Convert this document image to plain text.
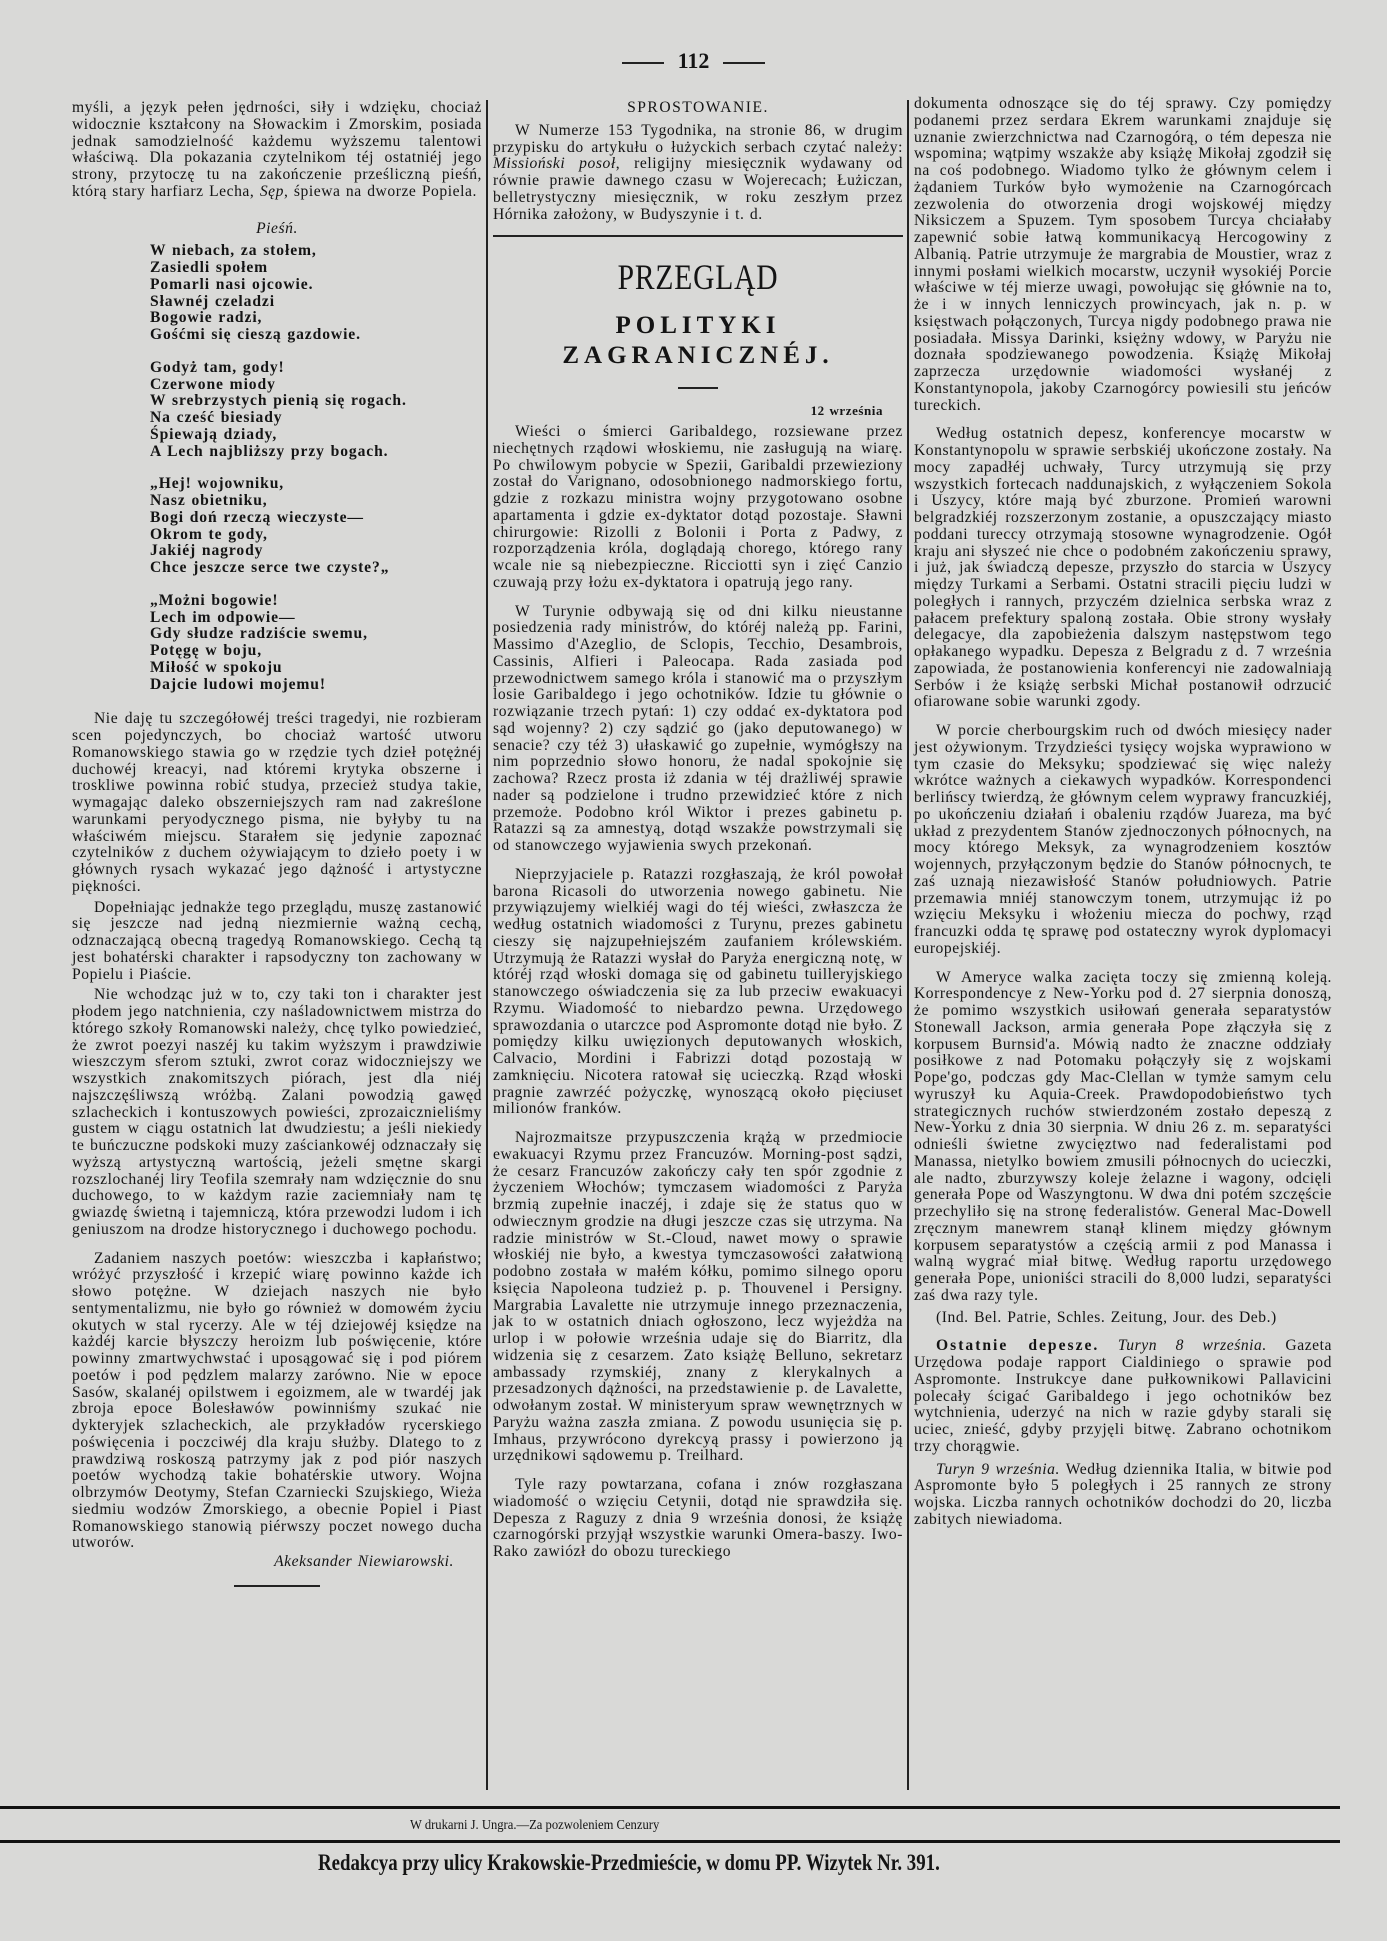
112

myśli, a język pełen jędrności, siły i wdzięku, chociaż widocznie kształcony na Słowackim i Zmorskim, posiada jednak samodzielność każdemu wyższemu talentowi właściwą. Dla pokazania czytelnikom téj ostatniéj jego strony, przytoczę tu na zakończenie prześliczną pieśń, którą stary harfiarz Lecha, Sęp, śpiewa na dworze Popiela.

Pieśń.
W niebach, za stołem,
Zasiedli społem
Pomarli nasi ojcowie.
Sławnéj czeladzi
Bogowie radzi,
Gośćmi się cieszą gazdowie.
Godyż tam, gody!
Czerwone miody
W srebrzystych pienią się rogach.
Na cześć biesiady
Śpiewają dziady,
A Lech najbliższy przy bogach.
„Hej! wojowniku,
Nasz obietniku,
Bogi doń rzeczą wieczyste—
Okrom te gody,
Jakiéj nagrody
Chce jeszcze serce twe czyste?„
„Możni bogowie!
Lech im odpowie—
Gdy słudze radziście swemu,
Potęgę w boju,
Miłość w spokoju
Dajcie ludowi mojemu!

Nie daję tu szczegółowéj treści tragedyi, nie rozbieram scen pojedynczych, bo chociaż wartość utworu Romanowskiego stawia go w rzędzie tych dzieł potężnéj duchowéj kreacyi, nad któremi krytyka obszerne i troskliwe powinna robić studya, przecież studya takie, wymagając daleko obszerniejszych ram nad zakreślone warunkami peryodycznego pisma, nie byłyby tu na właściwém miejscu. Starałem się jedynie zapoznać czytelników z duchem ożywiającym to dzieło poety i w głównych rysach wykazać jego dążność i artystyczne piękności.

Dopełniając jednakże tego przeglądu, muszę zastanowić się jeszcze nad jedną niezmiernie ważną cechą, odznaczającą obecną tragedyą Romanowskiego. Cechą tą jest bohatérski charakter i rapsodyczny ton zachowany w Popielu i Piaście.

Nie wchodząc już w to, czy taki ton i charakter jest płodem jego natchnienia, czy naśladownictwem mistrza do którego szkoły Romanowski należy, chcę tylko powiedzieć, że zwrot poezyi naszéj ku takim wyższym i prawdziwie wieszczym sferom sztuki, zwrot coraz widoczniejszy we wszystkich znakomitszych piórach, jest dla niéj najszczęśliwszą wróżbą. Zalani powodzią gawęd szlacheckich i kontuszowych powieści, zprozaicznieliśmy gustem w ciągu ostatnich lat dwudziestu; a jeśli niekiedy te buńczuczne podskoki muzy zaściankowéj odznaczały się wyższą artystyczną wartością, jeżeli smętne skargi rozszlochanéj liry Teofila szemrały nam wdzięcznie do snu duchowego, to w każdym razie zaciemniały nam tę gwiazdę świetną i tajemniczą, która przewodzi ludom i ich geniuszom na drodze historycznego i duchowego pochodu.

Zadaniem naszych poetów: wieszczba i kapłaństwo; wróżyć przyszłość i krzepić wiarę powinno każde ich słowo potężne. W dziejach naszych nie było sentymentalizmu, nie było go również w domowém życiu okutych w stal rycerzy. Ale w téj dziejowéj księdze na każdéj karcie błyszczy heroizm lub poświęcenie, które powinny zmartwychwstać i uposągować się i pod piórem poetów i pod pędzlem malarzy zarówno. Nie w epoce Sasów, skalanéj opilstwem i egoizmem, ale w twardéj jak zbroja epoce Bolesławów powinniśmy szukać nie dykteryjek szlacheckich, ale przykładów rycerskiego poświęcenia i poczciwéj dla kraju służby. Dlatego to z prawdziwą roskoszą patrzymy jak z pod piór naszych poetów wychodzą takie bohatérskie utwory. Wojna olbrzymów Deotymy, Stefan Czarniecki Szujskiego, Wieża siedmiu wodzów Zmorskiego, a obecnie Popiel i Piast Romanowskiego stanowią piérwszy poczet nowego ducha utworów.

Akeksander Niewiarowski.
SPROSTOWANIE.

W Numerze 153 Tygodnika, na stronie 86, w drugim przypisku do artykułu o łużyckich serbach czytać należy: Missioński posoł, religijny miesięcznik wydawany od równie prawie dawnego czasu w Wojerecach; Łużiczan, belletrystyczny miesięcznik, w roku zeszłym przez Hórnika założony, w Budyszynie i t. d.

PRZEGLĄD
POLITYKI ZAGRANICZNÉJ.
12 września

Wieści o śmierci Garibaldego, rozsiewane przez niechętnych rządowi włoskiemu, nie zasługują na wiarę. Po chwilowym pobycie w Spezii, Garibaldi przewieziony został do Varignano, odosobnionego nadmorskiego fortu, gdzie z rozkazu ministra wojny przygotowano osobne apartamenta i gdzie ex-dyktator dotąd pozostaje. Sławni chirurgowie: Rizolli z Bolonii i Porta z Padwy, z rozporządzenia króla, doglądają chorego, którego rany wcale nie są niebezpieczne. Ricciotti syn i zięć Canzio czuwają przy łożu ex-dyktatora i opatrują jego rany.

W Turynie odbywają się od dni kilku nieustanne posiedzenia rady ministrów, do któréj należą pp. Farini, Massimo d'Azeglio, de Sclopis, Tecchio, Desambrois, Cassinis, Alfieri i Paleocapa. Rada zasiada pod przewodnictwem samego króla i stanowić ma o przyszłym losie Garibaldego i jego ochotników. Idzie tu głównie o rozwiązanie trzech pytań: 1) czy oddać ex-dyktatora pod sąd wojenny? 2) czy sądzić go (jako deputowanego) w senacie? czy téż 3) ułaskawić go zupełnie, wymógłszy na nim poprzednio słowo honoru, że nadal spokojnie się zachowa? Rzecz prosta iż zdania w téj drażliwéj sprawie nader są podzielone i trudno przewidzieć które z nich przemoże. Podobno król Wiktor i prezes gabinetu p. Ratazzi są za amnestyą, dotąd wszakże powstrzymali się od stanowczego wyjawienia swych przekonań.

Nieprzyjaciele p. Ratazzi rozgłaszają, że król powołał barona Ricasoli do utworzenia nowego gabinetu. Nie przywiązujemy wielkiéj wagi do téj wieści, zwłaszcza że według ostatnich wiadomości z Turynu, prezes gabinetu cieszy się najzupełniejszém zaufaniem królewskiém. Utrzymują że Ratazzi wysłał do Paryża energiczną notę, w któréj rząd włoski domaga się od gabinetu tuilleryjskiego stanowczego oświadczenia się za lub przeciw ewakuacyi Rzymu. Wiadomość to niebardzo pewna. Urzędowego sprawozdania o utarczce pod Aspromonte dotąd nie było. Z pomiędzy kilku uwięzionych deputowanych włoskich, Calvacio, Mordini i Fabrizzi dotąd pozostają w zamknięciu. Nicotera ratował się ucieczką. Rząd włoski pragnie zawrzéć pożyczkę, wynoszącą około pięciuset milionów franków.

Najrozmaitsze przypuszczenia krążą w przedmiocie ewakuacyi Rzymu przez Francuzów. Morning-post sądzi, że cesarz Francuzów zakończy cały ten spór zgodnie z życzeniem Włochów; tymczasem wiadomości z Paryża brzmią zupełnie inaczéj, i zdaje się że status quo w odwiecznym grodzie na długi jeszcze czas się utrzyma. Na radzie ministrów w St.-Cloud, nawet mowy o sprawie włoskiéj nie było, a kwestya tymczasowości załatwioną podobno została w małém kółku, pomimo silnego oporu księcia Napoleona tudzież p. p. Thouvenel i Persigny. Margrabia Lavalette nie utrzymuje innego przeznaczenia, jak to w ostatnich dniach ogłoszono, lecz wyjeżdża na urlop i w połowie września udaje się do Biarritz, dla widzenia się z cesarzem. Zato książę Belluno, sekretarz ambassady rzymskiéj, znany z klerykalnych a przesadzonych dążności, na przedstawienie p. de Lavalette, odwołanym został. W ministeryum spraw wewnętrznych w Paryżu ważna zaszła zmiana. Z powodu usunięcia się p. Imhaus, przywrócono dyrekcyą prassy i powierzono ją urzędnikowi sądowemu p. Treilhard.

Tyle razy powtarzana, cofana i znów rozgłaszana wiadomość o wzięciu Cetynii, dotąd nie sprawdziła się. Depesza z Raguzy z dnia 9 września donosi, że książę czarnogórski przyjął wszystkie warunki Omera-baszy. Iwo-Rako zawiózł do obozu tureckiego

dokumenta odnoszące się do téj sprawy. Czy pomiędzy podanemi przez serdara Ekrem warunkami znajduje się uznanie zwierzchnictwa nad Czarnogórą, o tém depesza nie wspomina; wątpimy wszakże aby książę Mikołaj zgodził się na coś podobnego. Wiadomo tylko że głównym celem i żądaniem Turków było wymożenie na Czarnogórcach zezwolenia do otworzenia drogi wojskowéj między Niksiczem a Spuzem. Tym sposobem Turcya chciałaby zapewnić sobie łatwą kommunikacyą Hercogowiny z Albanią. Patrie utrzymuje że margrabia de Moustier, wraz z innymi posłami wielkich mocarstw, uczynił wysokiéj Porcie właściwe w téj mierze uwagi, powołując się głównie na to, że i w innych lenniczych prowincyach, jak n. p. w księstwach połączonych, Turcya nigdy podobnego prawa nie posiadała. Missya Darinki, księżny wdowy, w Paryżu nie doznała spodziewanego powodzenia. Książę Mikołaj zaprzecza urzędownie wiadomości wysłanéj z Konstantynopola, jakoby Czarnogórcy powiesili stu jeńców tureckich.

Według ostatnich depesz, konferencye mocarstw w Konstantynopolu w sprawie serbskiéj ukończone zostały. Na mocy zapadłéj uchwały, Turcy utrzymują się przy wszystkich fortecach naddunajskich, z wyłączeniem Sokola i Uszycy, które mają być zburzone. Promień warowni belgradzkiéj rozszerzonym zostanie, a opuszczający miasto poddani tureccy otrzymają stosowne wynagrodzenie. Ogół kraju ani słyszeć nie chce o podobném zakończeniu sprawy, i już, jak świadczą depesze, przyszło do starcia w Uszycy między Turkami a Serbami. Ostatni stracili pięciu ludzi w poległych i rannych, przyczém dzielnica serbska wraz z pałacem prefektury spaloną została. Obie strony wysłały delegacye, dla zapobieżenia dalszym następstwom tego opłakanego wypadku. Depesza z Belgradu z d. 7 września zapowiada, że postanowienia konferencyi nie zadowalniają Serbów i że książę serbski Michał postanowił odrzucić ofiarowane sobie warunki zgody.

W porcie cherbourgskim ruch od dwóch miesięcy nader jest ożywionym. Trzydzieści tysięcy wojska wyprawiono w tym czasie do Meksyku; spodziewać się więc należy wkrótce ważnych a ciekawych wypadków. Korrespondenci berlińscy twierdzą, że głównym celem wyprawy francuzkiéj, po ukończeniu działań i obaleniu rządów Juareza, ma być układ z prezydentem Stanów zjednoczonych północnych, na mocy którego Meksyk, za wynagrodzeniem kosztów wojennych, przyłączonym będzie do Stanów północnych, te zaś uznają niezawisłość Stanów południowych. Patrie przemawia mniéj stanowczym tonem, utrzymując iż po wzięciu Meksyku i włożeniu miecza do pochwy, rząd francuzki odda tę sprawę pod ostateczny wyrok dyplomacyi europejskiéj.

W Ameryce walka zacięta toczy się zmienną koleją. Korrespondencye z New-Yorku pod d. 27 sierpnia donoszą, że pomimo wszystkich usiłowań generała separatystów Stonewall Jackson, armia generała Pope złączyła się z korpusem Burnsid'a. Mówią nadto że znaczne oddziały posiłkowe z nad Potomaku połączyły się z wojskami Pope'go, podczas gdy Mac-Clellan w tymże samym celu wyruszył ku Aquia-Creek. Prawdopodobieństwo tych strategicznych ruchów stwierdzoném zostało depeszą z New-Yorku z dnia 30 sierpnia. W dniu 26 z. m. separatyści odnieśli świetne zwycięztwo nad federalistami pod Manassa, nietylko bowiem zmusili północnych do ucieczki, ale nadto, zburzywszy koleje żelazne i wagony, odcięli generała Pope od Waszyngtonu. W dwa dni potém szczęście przechyliło się na stronę federalistów. General Mac-Dowell zręcznym manewrem stanął klinem między głównym korpusem separatystów a częścią armii z pod Manassa i walną wygrać miał bitwę. Według raportu urzędowego generała Pope, unioniści stracili do 8,000 ludzi, separatyści zaś dwa razy tyle.

(Ind. Bel. Patrie, Schles. Zeitung, Jour. des Deb.)

Ostatnie depesze. Turyn 8 września. Gazeta Urzędowa podaje rapport Cialdiniego o sprawie pod Aspromonte. Instrukcye dane pułkownikowi Pallavicini polecały ścigać Garibaldego i jego ochotników bez wytchnienia, uderzyć na nich w razie gdyby starali się uciec, znieść, gdyby przyjęli bitwę. Zabrano ochotnikom trzy chorągwie.

Turyn 9 września. Według dziennika Italia, w bitwie pod Aspromonte było 5 poległych i 25 rannych ze strony wojska. Liczba rannych ochotników dochodzi do 20, liczba zabitych niewiadoma.

W drukarni J. Ungra.—Za pozwoleniem Cenzury
Redakcya przy ulicy Krakowskie-Przedmieście, w domu PP. Wizytek Nr. 391.
